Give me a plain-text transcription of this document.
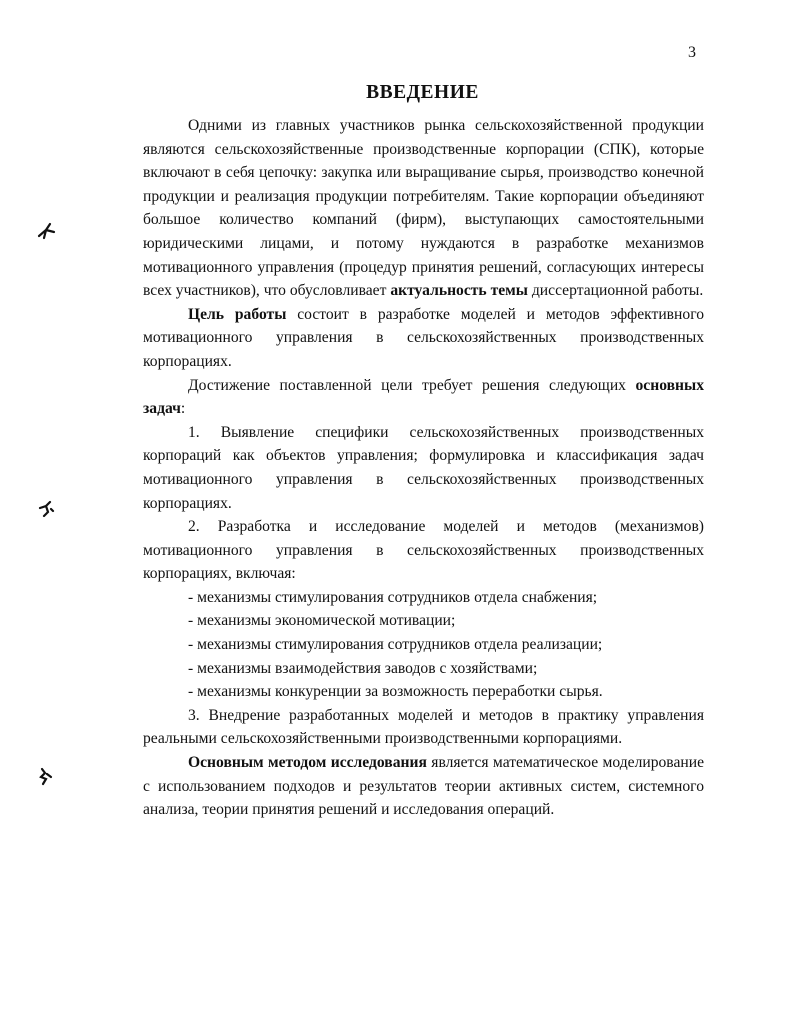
3
ВВЕДЕНИЕ

Одними из главных участников рынка сельскохозяйственной продукции являются сельскохозяйственные производственные корпорации (СПК), которые включают в себя цепочку: закупка или выращивание сырья, производство конечной продукции и реализация продукции потребителям. Такие корпорации объединяют большое количество компаний (фирм), выступающих самостоятельными юридическими лицами, и потому нуждаются в разработке механизмов мотивационного управления (процедур принятия решений, согласующих интересы всех участников), что обусловливает актуальность темы диссертационной работы.

Цель работы состоит в разработке моделей и методов эффективного мотивационного управления в сельскохозяйственных производственных корпорациях.

Достижение поставленной цели требует решения следующих основных задач:

1. Выявление специфики сельскохозяйственных производственных корпораций как объектов управления; формулировка и классификация задач мотивационного управления в сельскохозяйственных производственных корпорациях.

2. Разработка и исследование моделей и методов (механизмов) мотивационного управления в сельскохозяйственных производственных корпорациях, включая:

- механизмы стимулирования сотрудников отдела снабжения;

- механизмы экономической мотивации;

- механизмы стимулирования сотрудников отдела реализации;

- механизмы взаимодействия заводов с хозяйствами;

- механизмы конкуренции за возможность переработки сырья.

3. Внедрение разработанных моделей и методов в практику управления реальными сельскохозяйственными производственными корпорациями.

Основным методом исследования является математическое моделирование с использованием подходов и результатов теории активных систем, системного анализа, теории принятия решений и исследования операций.
